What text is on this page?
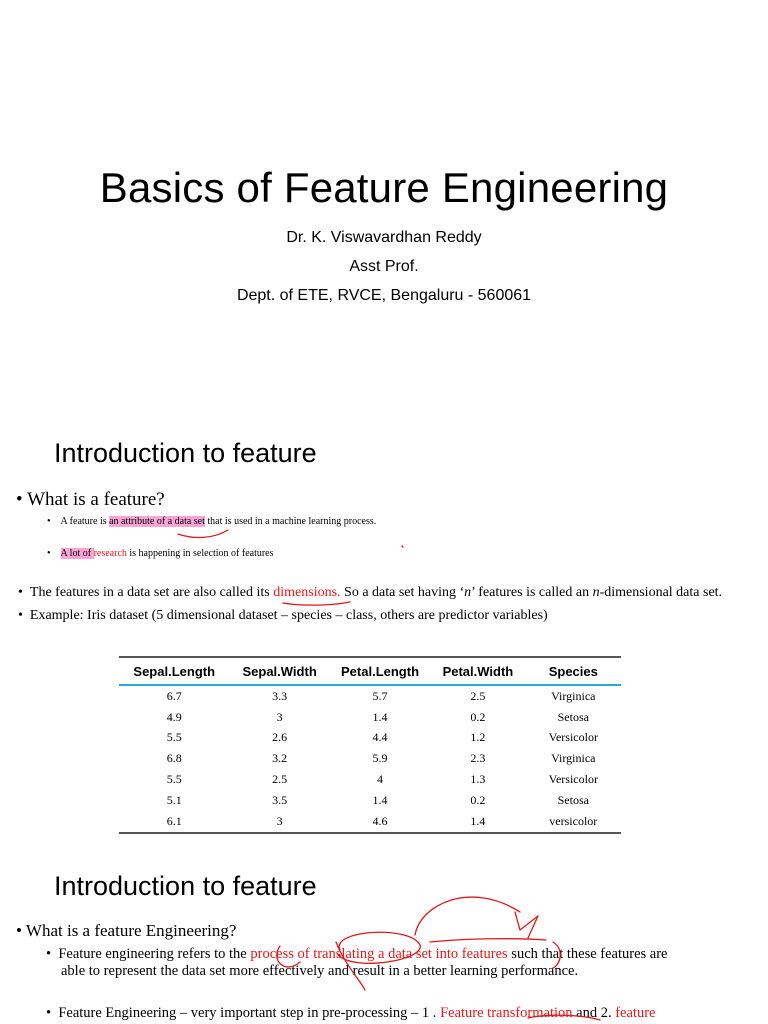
Basics of Feature Engineering
Dr. K. Viswavardhan Reddy
Asst Prof.
Dept. of ETE, RVCE, Bengaluru - 560061
Introduction to feature
• What is a feature?
•    A feature is an attribute of a data set that is used in a machine learning process.
•    A lot of research is happening in selection of features
•  The features in a data set are also called its dimensions. So a data set having ‘n’ features is called an n-dimensional data set.
•  Example: Iris dataset (5 dimensional dataset – species – class, others are predictor variables)
Sepal.Length	Sepal.Width	Petal.Length	Petal.Width	Species
6.7	3.3	5.7	2.5	Virginica
4.9	3	1.4	0.2	Setosa
5.5	2.6	4.4	1.2	Versicolor
6.8	3.2	5.9	2.3	Virginica
5.5	2.5	4	1.3	Versicolor
5.1	3.5	1.4	0.2	Setosa
6.1	3	4.6	1.4	versicolor
Introduction to feature
• What is a feature Engineering?
•  Feature engineering refers to the process of translating a data set into features such that these features are
able to represent the data set more effectively and result in a better learning performance.
•  Feature Engineering – very important step in pre-processing – 1 . Feature transformation and 2. feature
